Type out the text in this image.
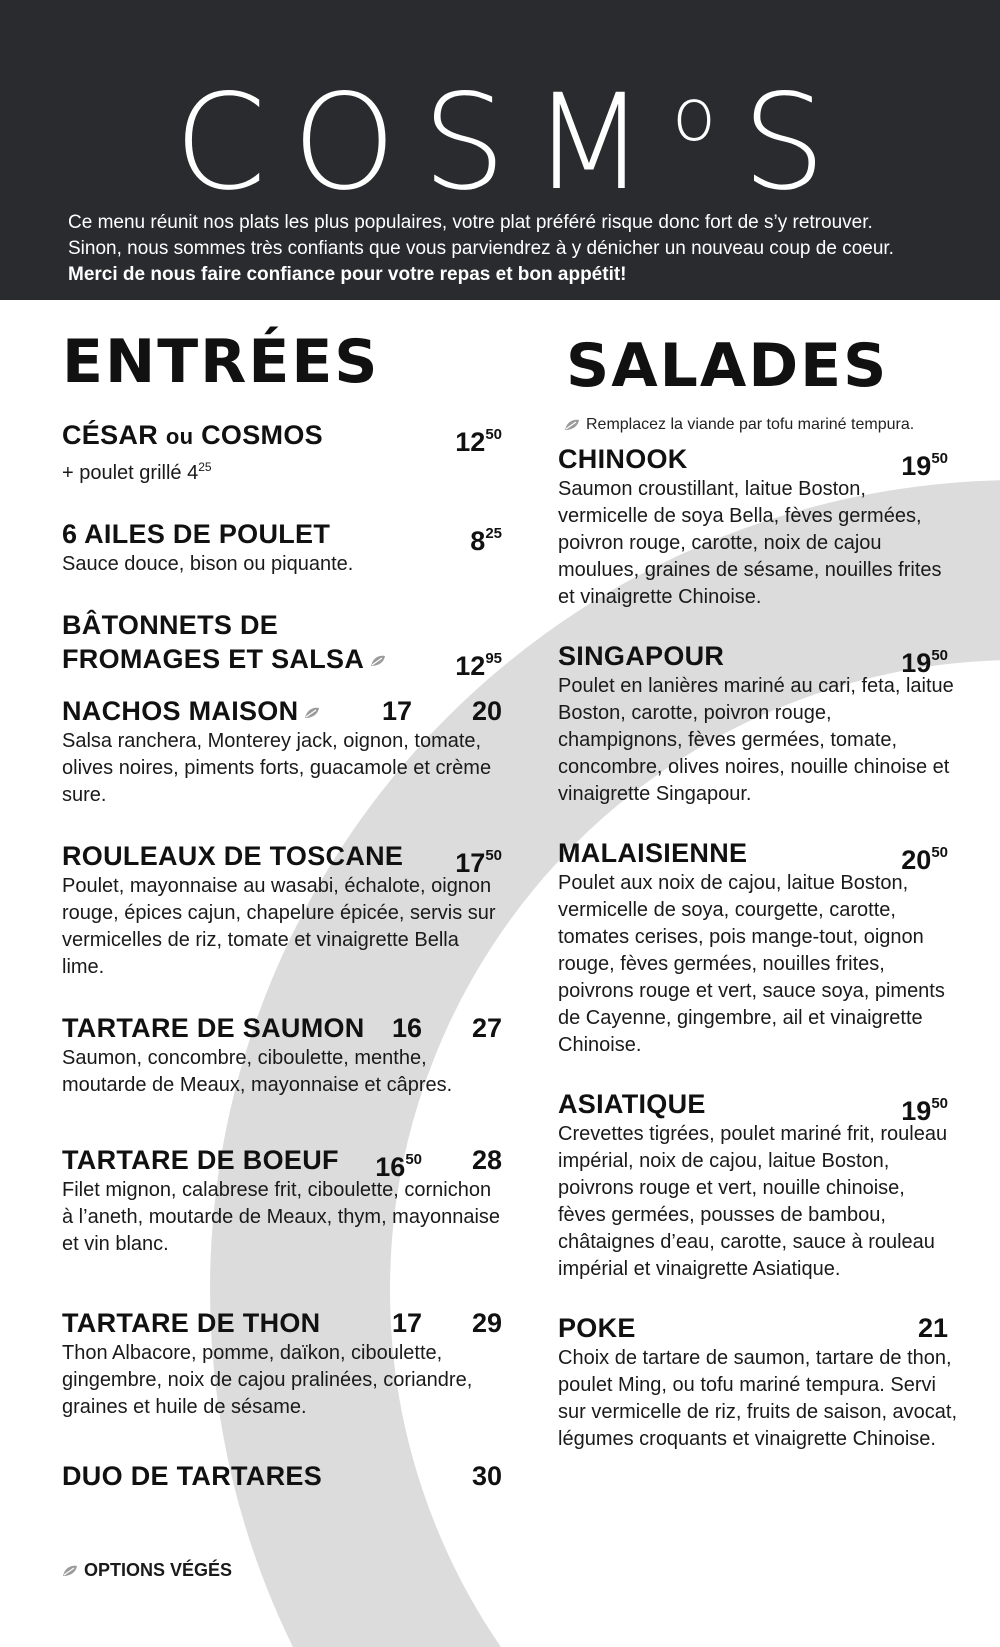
COSM$^o$S
Ce menu réunit nos plats les plus populaires, votre plat préféré risque donc fort de s’y retrouver.
Sinon, nous sommes très confiants que vous parviendrez à y dénicher un nouveau coup de coeur.
Merci de nous faire confiance pour votre repas et bon appétit!
ENTRÉES
CÉSAR ou COSMOS	$12^{50}$
+ poulet grillé $4^{25}$
6 AILES DE POULET	$8^{25}$
Sauce douce, bison ou piquante.
BÂTONNETS DE
FROMAGES ET SALSA	$12^{95}$
NACHOS MAISON	17	20
Salsa ranchera, Monterey jack, oignon, tomate, olives noires, piments forts, guacamole et crème sure.
ROULEAUX DE TOSCANE	$17^{50}$
Poulet, mayonnaise au wasabi, échalote, oignon rouge, épices cajun, chapelure épicée, servis sur vermicelles de riz, tomate et vinaigrette Bella lime.
TARTARE DE SAUMON	16	27
Saumon, concombre, ciboulette, menthe, moutarde de Meaux, mayonnaise et câpres.
TARTARE DE BOEUF	$16^{50}$	28
Filet mignon, calabrese frit, ciboulette, cornichon à l’aneth, moutarde de Meaux, thym, mayonnaise et vin blanc.
TARTARE DE THON	17	29
Thon Albacore, pomme, daïkon, ciboulette, gingembre, noix de cajou pralinées, coriandre, graines et huile de sésame.
DUO DE TARTARES	30
OPTIONS VÉGÉS
SALADES
Remplacez la viande par tofu mariné tempura.
CHINOOK	$19^{50}$
Saumon croustillant, laitue Boston, vermicelle de soya Bella, fèves germées, poivron rouge, carotte, noix de cajou moulues, graines de sésame, nouilles frites et vinaigrette Chinoise.
SINGAPOUR	$19^{50}$
Poulet en lanières mariné au cari, feta, laitue Boston, carotte, poivron rouge, champignons, fèves germées, tomate, concombre, olives noires, nouille chinoise et vinaigrette Singapour.
MALAISIENNE	$20^{50}$
Poulet aux noix de cajou, laitue Boston, vermicelle de soya, courgette, carotte, tomates cerises, pois mange-tout, oignon rouge, fèves germées, nouilles frites, poivrons rouge et vert, sauce soya, piments de Cayenne, gingembre, ail et vinaigrette Chinoise.
ASIATIQUE	$19^{50}$
Crevettes tigrées, poulet mariné frit, rouleau impérial, noix de cajou, laitue Boston, poivrons rouge et vert, nouille chinoise, fèves germées, pousses de bambou, châtaignes d’eau, carotte, sauce à rouleau impérial et vinaigrette Asiatique.
POKE	21
Choix de tartare de saumon, tartare de thon, poulet Ming, ou tofu mariné tempura. Servi sur vermicelle de riz, fruits de saison, avocat, légumes croquants et vinaigrette Chinoise.
